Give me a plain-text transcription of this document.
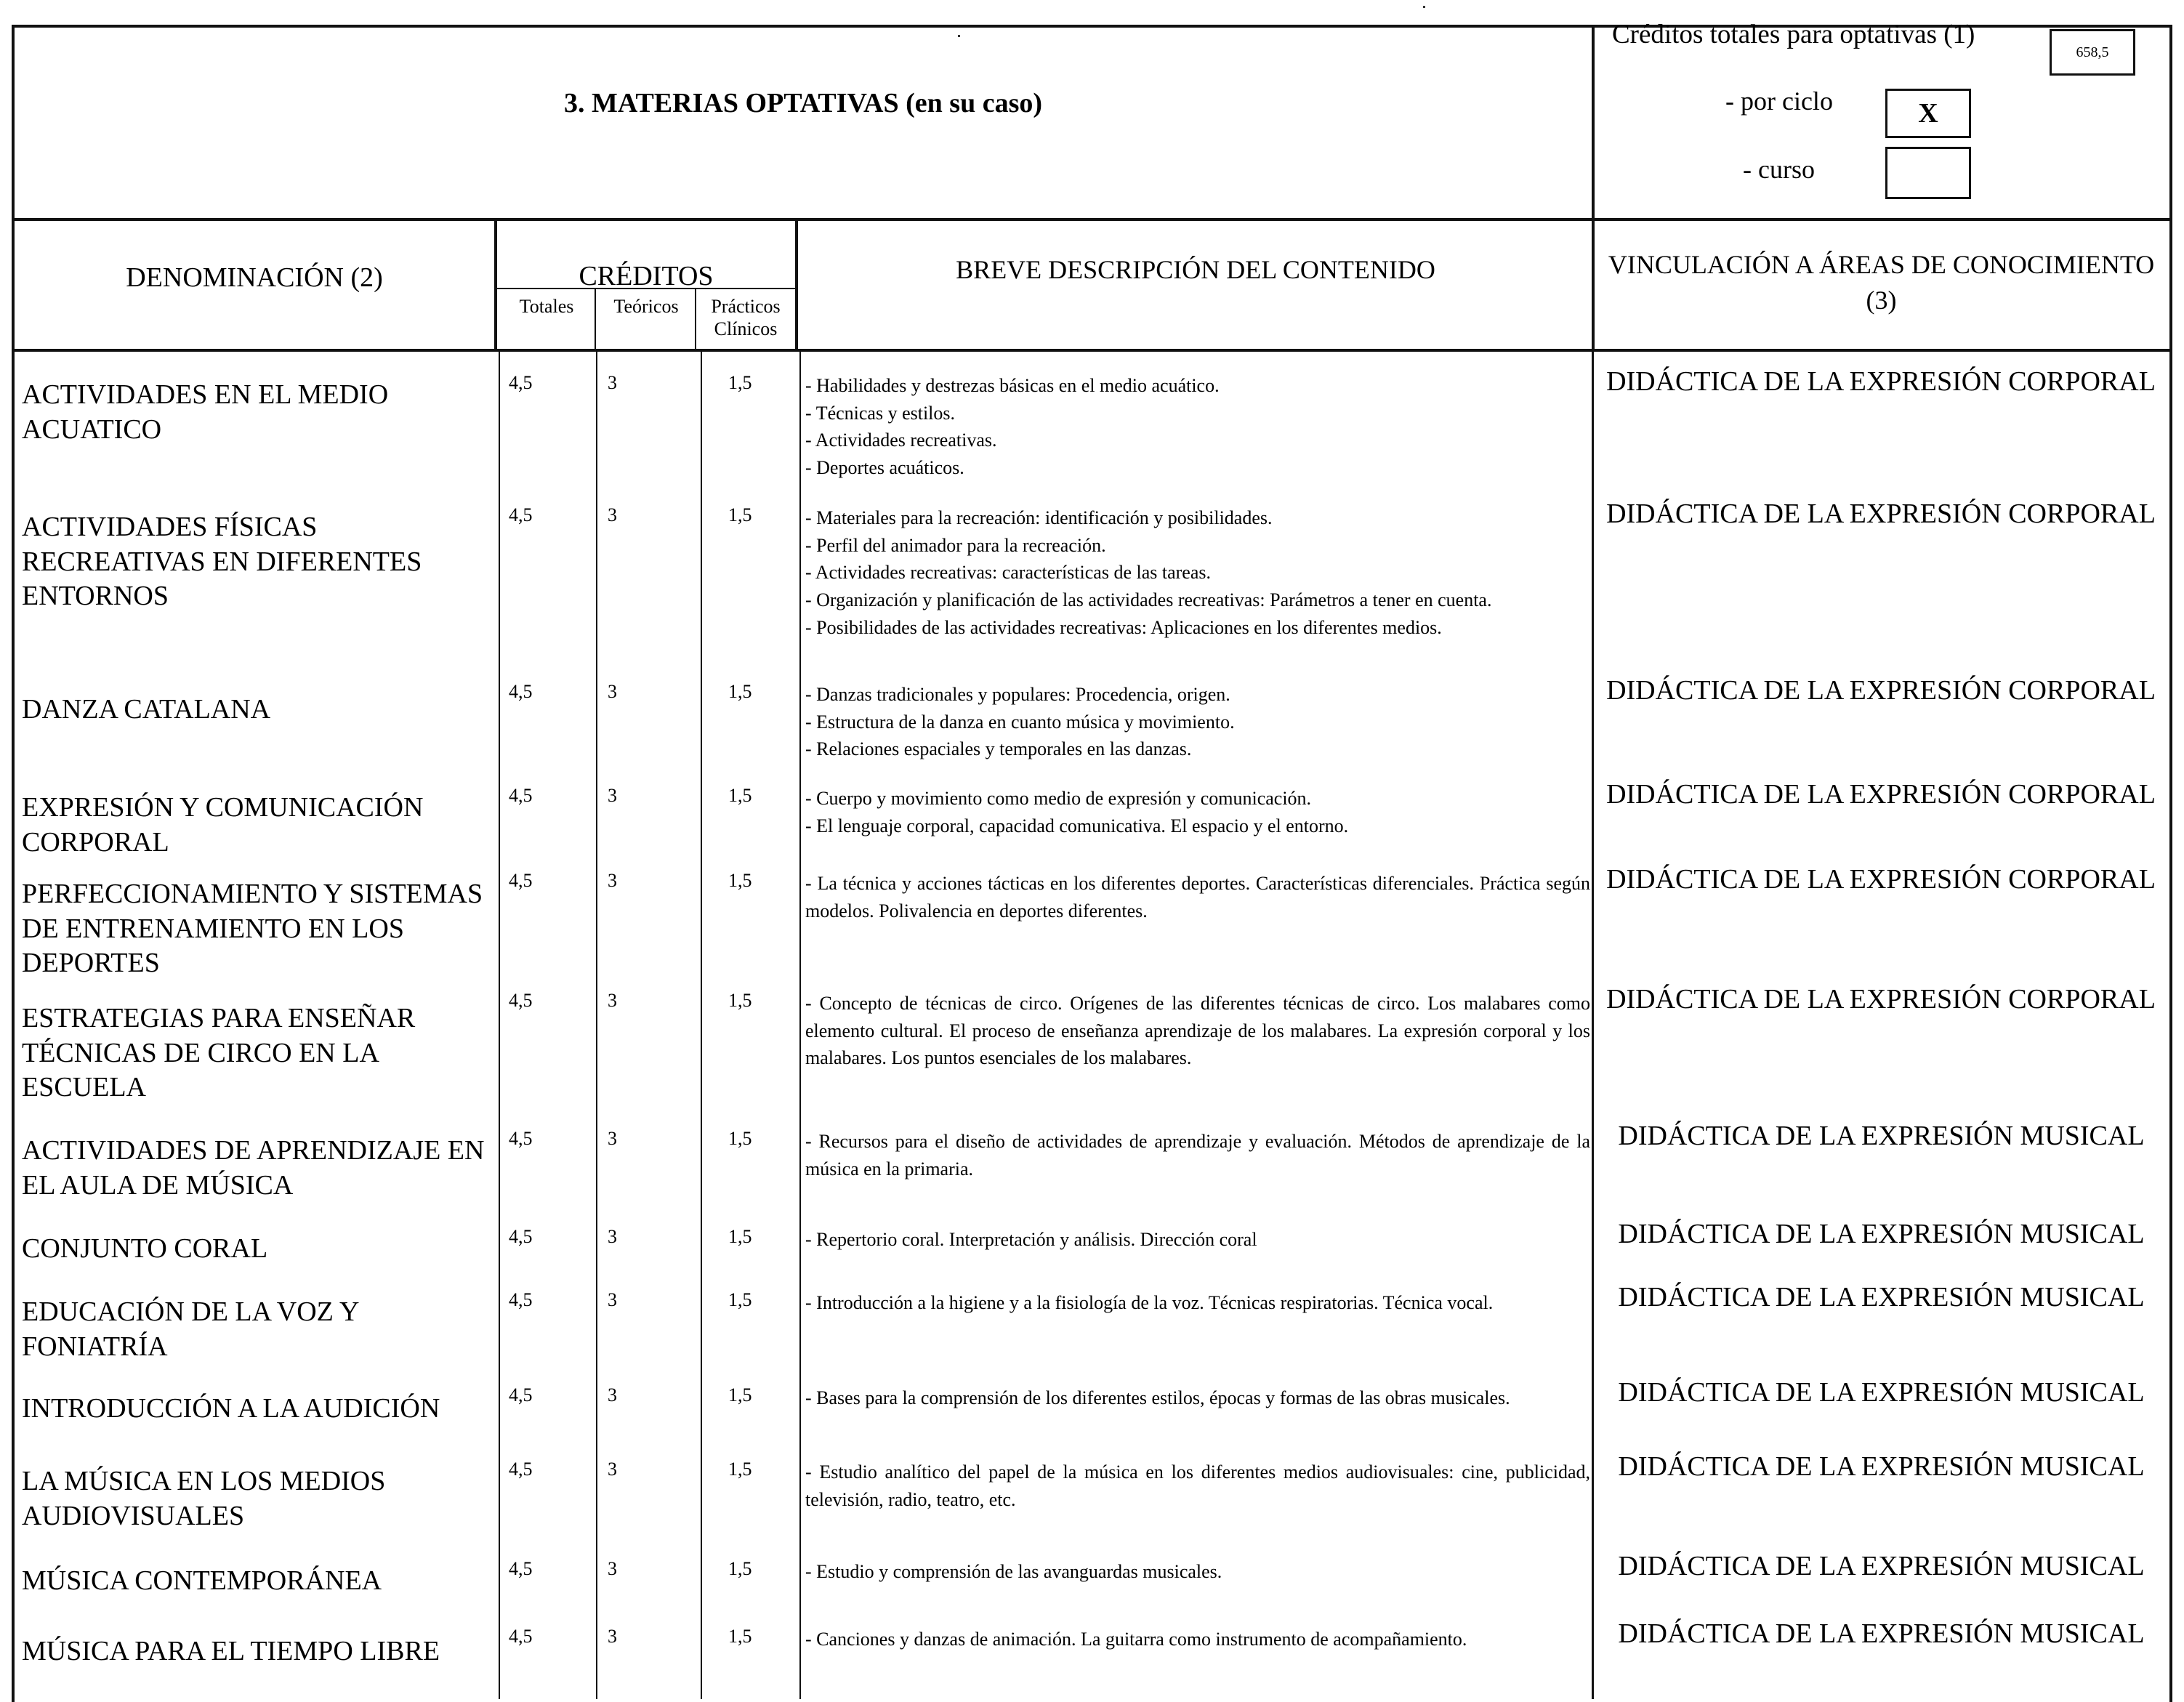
3. MATERIAS OPTATIVAS (en su caso)
Créditos totales para optativas (1)
658,5
- por ciclo	X
- curso
DENOMINACIÓN (2)	CRÉDITOS
Totales	Teóricos	Prácticos Clínicos
BREVE DESCRIPCIÓN DEL CONTENIDO	VINCULACIÓN A ÁREAS DE CONOCIMIENTO (3)
ACTIVIDADES EN EL MEDIO ACUATICO
4,5	3	1,5	- Habilidades y destrezas básicas en el medio acuático.

- Técnicas y estilos.

- Actividades recreativas.

- Deportes acuáticos.

DIDÁCTICA DE LA EXPRESIÓN CORPORAL
ACTIVIDADES FÍSICAS RECREATIVAS EN DIFERENTES ENTORNOS
4,5	3	1,5	- Materiales para la recreación: identificación y posibilidades.

- Perfil del animador para la recreación.

- Actividades recreativas: características de las tareas.

- Organización y planificación de las actividades recreativas: Parámetros a tener en cuenta.

- Posibilidades de las actividades recreativas: Aplicaciones en los diferentes medios.

DIDÁCTICA DE LA EXPRESIÓN CORPORAL
DANZA CATALANA
4,5	3	1,5	- Danzas tradicionales y populares: Procedencia, origen.

- Estructura de la danza en cuanto música y movimiento.

- Relaciones espaciales y temporales en las danzas.

DIDÁCTICA DE LA EXPRESIÓN CORPORAL
EXPRESIÓN Y COMUNICACIÓN CORPORAL
4,5	3	1,5	- Cuerpo y movimiento como medio de expresión y comunicación.

- El lenguaje corporal, capacidad comunicativa. El espacio y el entorno.

DIDÁCTICA DE LA EXPRESIÓN CORPORAL
PERFECCIONAMIENTO Y SISTEMAS DE ENTRENAMIENTO EN LOS DEPORTES
4,5	3	1,5	- La técnica y acciones tácticas en los diferentes deportes. Características diferenciales. Práctica según modelos. Polivalencia en deportes diferentes.

DIDÁCTICA DE LA EXPRESIÓN CORPORAL
ESTRATEGIAS PARA ENSEÑAR TÉCNICAS DE CIRCO EN LA ESCUELA
4,5	3	1,5	- Concepto de técnicas de circo. Orígenes de las diferentes técnicas de circo. Los malabares como elemento cultural. El proceso de enseñanza aprendizaje de los malabares. La expresión corporal y los malabares. Los puntos esenciales de los malabares.

DIDÁCTICA DE LA EXPRESIÓN CORPORAL
ACTIVIDADES DE APRENDIZAJE EN EL AULA DE MÚSICA
4,5	3	1,5	- Recursos para el diseño de actividades de aprendizaje y evaluación. Métodos de aprendizaje de la música en la primaria.

DIDÁCTICA DE LA EXPRESIÓN MUSICAL
CONJUNTO CORAL	4,5	3	1,5	- Repertorio coral. Interpretación y análisis. Dirección coral	DIDÁCTICA DE LA EXPRESIÓN MUSICAL
EDUCACIÓN DE LA VOZ Y FONIATRÍA
4,5	3	1,5	- Introducción a la higiene y a la fisiología de la voz. Técnicas respiratorias. Técnica vocal.	DIDÁCTICA DE LA EXPRESIÓN MUSICAL
INTRODUCCIÓN A LA AUDICIÓN	4,5	3	1,5	- Bases para la comprensión de los diferentes estilos, épocas y formas de las obras musicales.	DIDÁCTICA DE LA EXPRESIÓN MUSICAL
LA MÚSICA EN LOS MEDIOS AUDIOVISUALES
4,5	3	1,5	- Estudio analítico del papel de la música en los diferentes medios audiovisuales: cine, publicidad, televisión, radio, teatro, etc.

DIDÁCTICA DE LA EXPRESIÓN MUSICAL
MÚSICA CONTEMPORÁNEA	4,5	3	1,5	- Estudio y comprensión de las avanguardas musicales.	DIDÁCTICA DE LA EXPRESIÓN MUSICAL
MÚSICA PARA EL TIEMPO LIBRE	4,5	3	1,5	- Canciones y danzas de animación. La guitarra como instrumento de acompañamiento.	DIDÁCTICA DE LA EXPRESIÓN MUSICAL
